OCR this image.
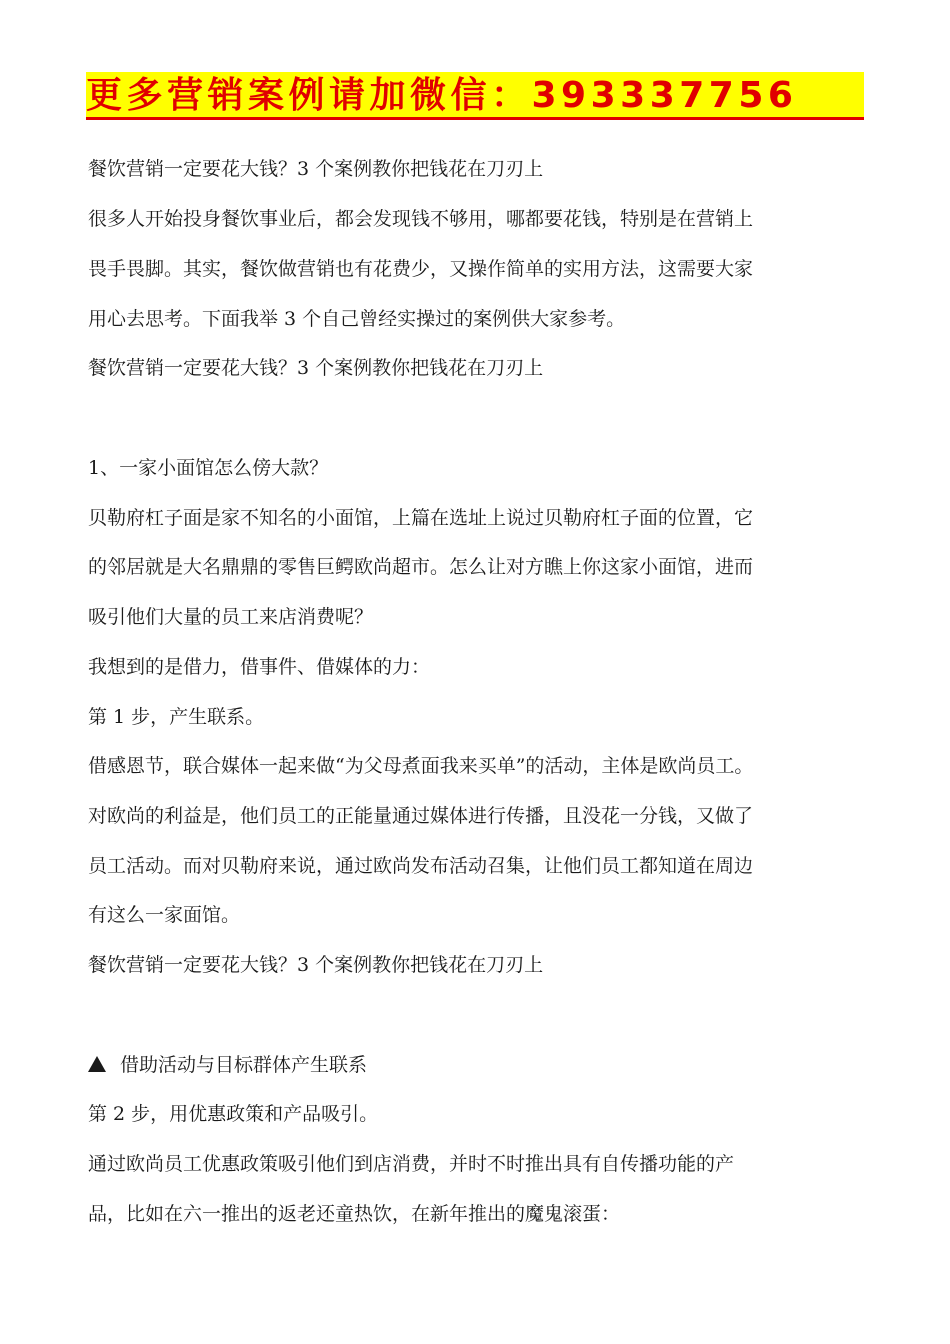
更多营销案例请加微信：393337756
餐饮营销一定要花大钱？3 个案例教你把钱花在刀刃上
很多人开始投身餐饮事业后，都会发现钱不够用，哪都要花钱，特别是在营销上
畏手畏脚。其实，餐饮做营销也有花费少，又操作简单的实用方法，这需要大家
用心去思考。下面我举 3 个自己曾经实操过的案例供大家参考。
餐饮营销一定要花大钱？3 个案例教你把钱花在刀刃上
1、一家小面馆怎么傍大款？
贝勒府杠子面是家不知名的小面馆，上篇在选址上说过贝勒府杠子面的位置，它
的邻居就是大名鼎鼎的零售巨鳄欧尚超市。怎么让对方瞧上你这家小面馆，进而
吸引他们大量的员工来店消费呢？
我想到的是借力，借事件、借媒体的力：
第 1 步，产生联系。
借感恩节，联合媒体一起来做“为父母煮面我来买单”的活动，主体是欧尚员工。
对欧尚的利益是，他们员工的正能量通过媒体进行传播，且没花一分钱，又做了
员工活动。而对贝勒府来说，通过欧尚发布活动召集，让他们员工都知道在周边
有这么一家面馆。
餐饮营销一定要花大钱？3 个案例教你把钱花在刀刃上
借助活动与目标群体产生联系
第 2 步，用优惠政策和产品吸引。
通过欧尚员工优惠政策吸引他们到店消费，并时不时推出具有自传播功能的产
品，比如在六一推出的返老还童热饮，在新年推出的魔鬼滚蛋：
